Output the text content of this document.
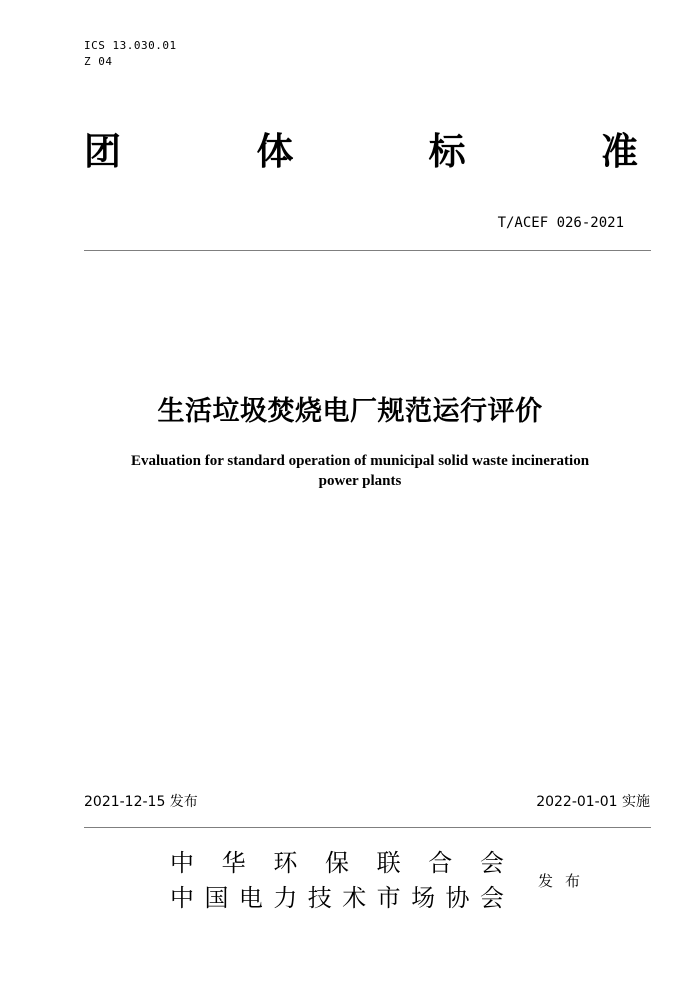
ICS 13.030.01
Z 04
团	体	标	准
T/ACEF 026-2021
生活垃圾焚烧电厂规范运行评价
Evaluation for standard operation of municipal solid waste incineration
power plants
2021-12-15 发布	2022-01-01 实施
中 华 环 保 联 合 会
中 国 电 力 技 术 市 场 协 会
发 布
